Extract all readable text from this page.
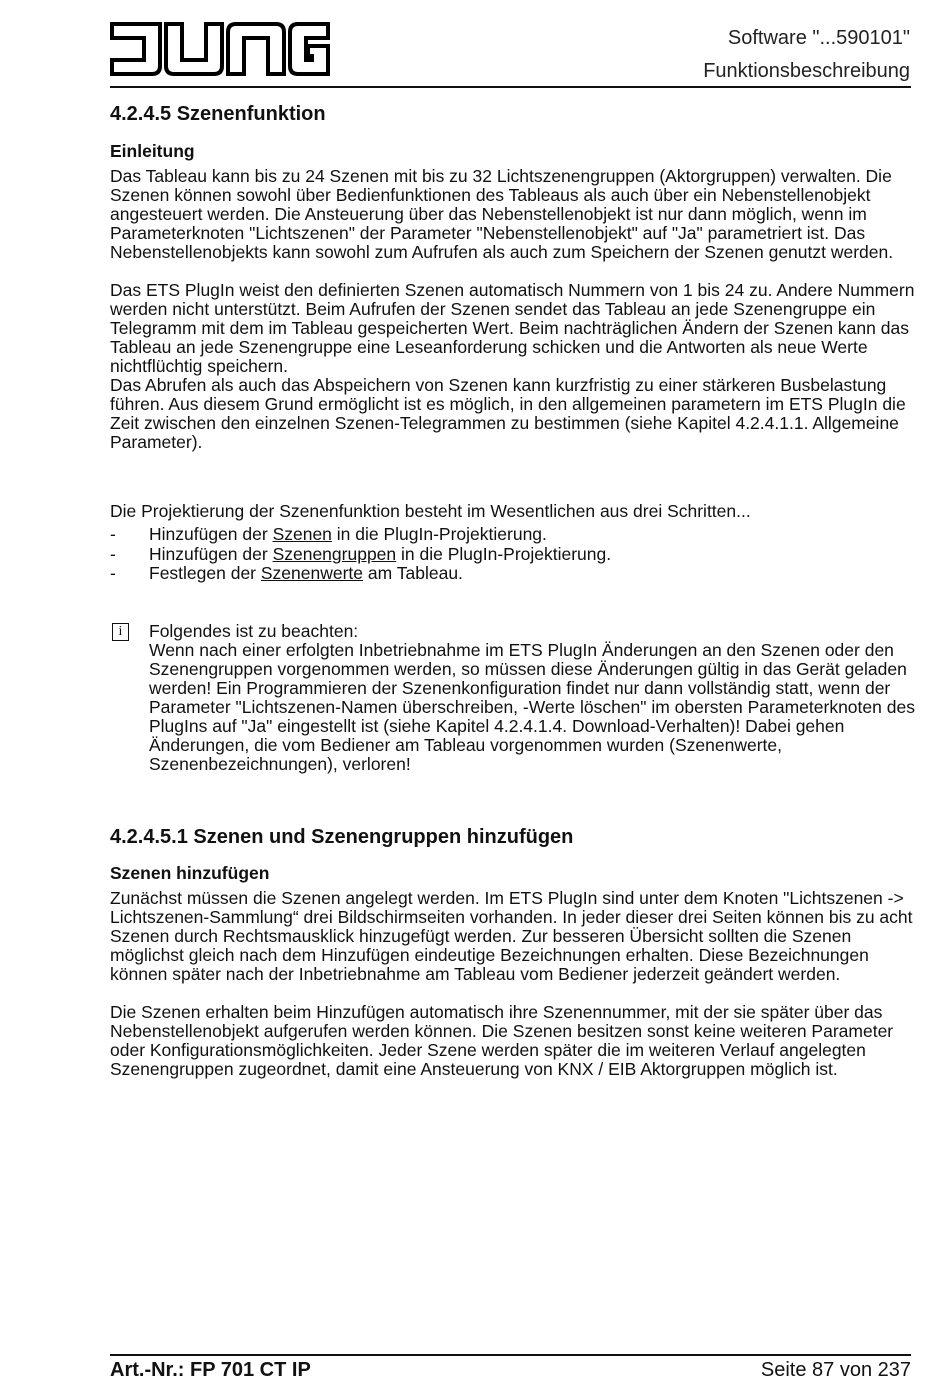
Software "...590101"
Funktionsbeschreibung
4.2.4.5 Szenenfunktion
Einleitung

Das Tableau kann bis zu 24 Szenen mit bis zu 32 Lichtszenengruppen (Aktorgruppen) verwalten. Die Szenen können sowohl über Bedienfunktionen des Tableaus als auch über ein Nebenstellenobjekt angesteuert werden. Die Ansteuerung über das Nebenstellenobjekt ist nur dann möglich, wenn im Parameterknoten "Lichtszenen" der Parameter "Nebenstellenobjekt" auf "Ja" parametriert ist. Das Nebenstellenobjekts kann sowohl zum Aufrufen als auch zum Speichern der Szenen genutzt werden.

Das ETS PlugIn weist den definierten Szenen automatisch Nummern von 1 bis 24 zu. Andere Nummern werden nicht unterstützt. Beim Aufrufen der Szenen sendet das Tableau an jede Szenengruppe ein Telegramm mit dem im Tableau gespeicherten Wert. Beim nachträglichen Ändern der Szenen kann das Tableau an jede Szenengruppe eine Leseanforderung schicken und die Antworten als neue Werte nichtflüchtig speichern.

Das Abrufen als auch das Abspeichern von Szenen kann kurzfristig zu einer stärkeren Busbelastung führen. Aus diesem Grund ermöglicht ist es möglich, in den allgemeinen parametern im ETS PlugIn die Zeit zwischen den einzelnen Szenen-Telegrammen zu bestimmen (siehe Kapitel 4.2.4.1.1. Allgemeine Parameter).

Die Projektierung der Szenenfunktion besteht im Wesentlichen aus drei Schritten...

- Hinzufügen der Szenen in die PlugIn-Projektierung.
- Hinzufügen der Szenengruppen in die PlugIn-Projektierung.
- Festlegen der Szenenwerte am Tableau.
i	Folgendes ist zu beachten:

Wenn nach einer erfolgten Inbetriebnahme im ETS PlugIn Änderungen an den Szenen oder den Szenengruppen vorgenommen werden, so müssen diese Änderungen gültig in das Gerät geladen werden! Ein Programmieren der Szenenkonfiguration findet nur dann vollständig statt, wenn der Parameter "Lichtszenen-Namen überschreiben, -Werte löschen" im obersten Parameterknoten des PlugIns auf "Ja" eingestellt ist (siehe Kapitel 4.2.4.1.4. Download-Verhalten)! Dabei gehen Änderungen, die vom Bediener am Tableau vorgenommen wurden (Szenenwerte, Szenenbezeichnungen), verloren!

4.2.4.5.1 Szenen und Szenengruppen hinzufügen
Szenen hinzufügen

Zunächst müssen die Szenen angelegt werden. Im ETS PlugIn sind unter dem Knoten "Lichtszenen -> Lichtszenen-Sammlung“ drei Bildschirmseiten vorhanden. In jeder dieser drei Seiten können bis zu acht Szenen durch Rechtsmausklick hinzugefügt werden. Zur besseren Übersicht sollten die Szenen möglichst gleich nach dem Hinzufügen eindeutige Bezeichnungen erhalten. Diese Bezeichnungen können später nach der Inbetriebnahme am Tableau vom Bediener jederzeit geändert werden.

Die Szenen erhalten beim Hinzufügen automatisch ihre Szenennummer, mit der sie später über das Nebenstellenobjekt aufgerufen werden können. Die Szenen besitzen sonst keine weiteren Parameter oder Konfigurationsmöglichkeiten. Jeder Szene werden später die im weiteren Verlauf angelegten Szenengruppen zugeordnet, damit eine Ansteuerung von KNX / EIB Aktorgruppen möglich ist.

Art.-Nr.: FP 701 CT IP	Seite 87 von 237
